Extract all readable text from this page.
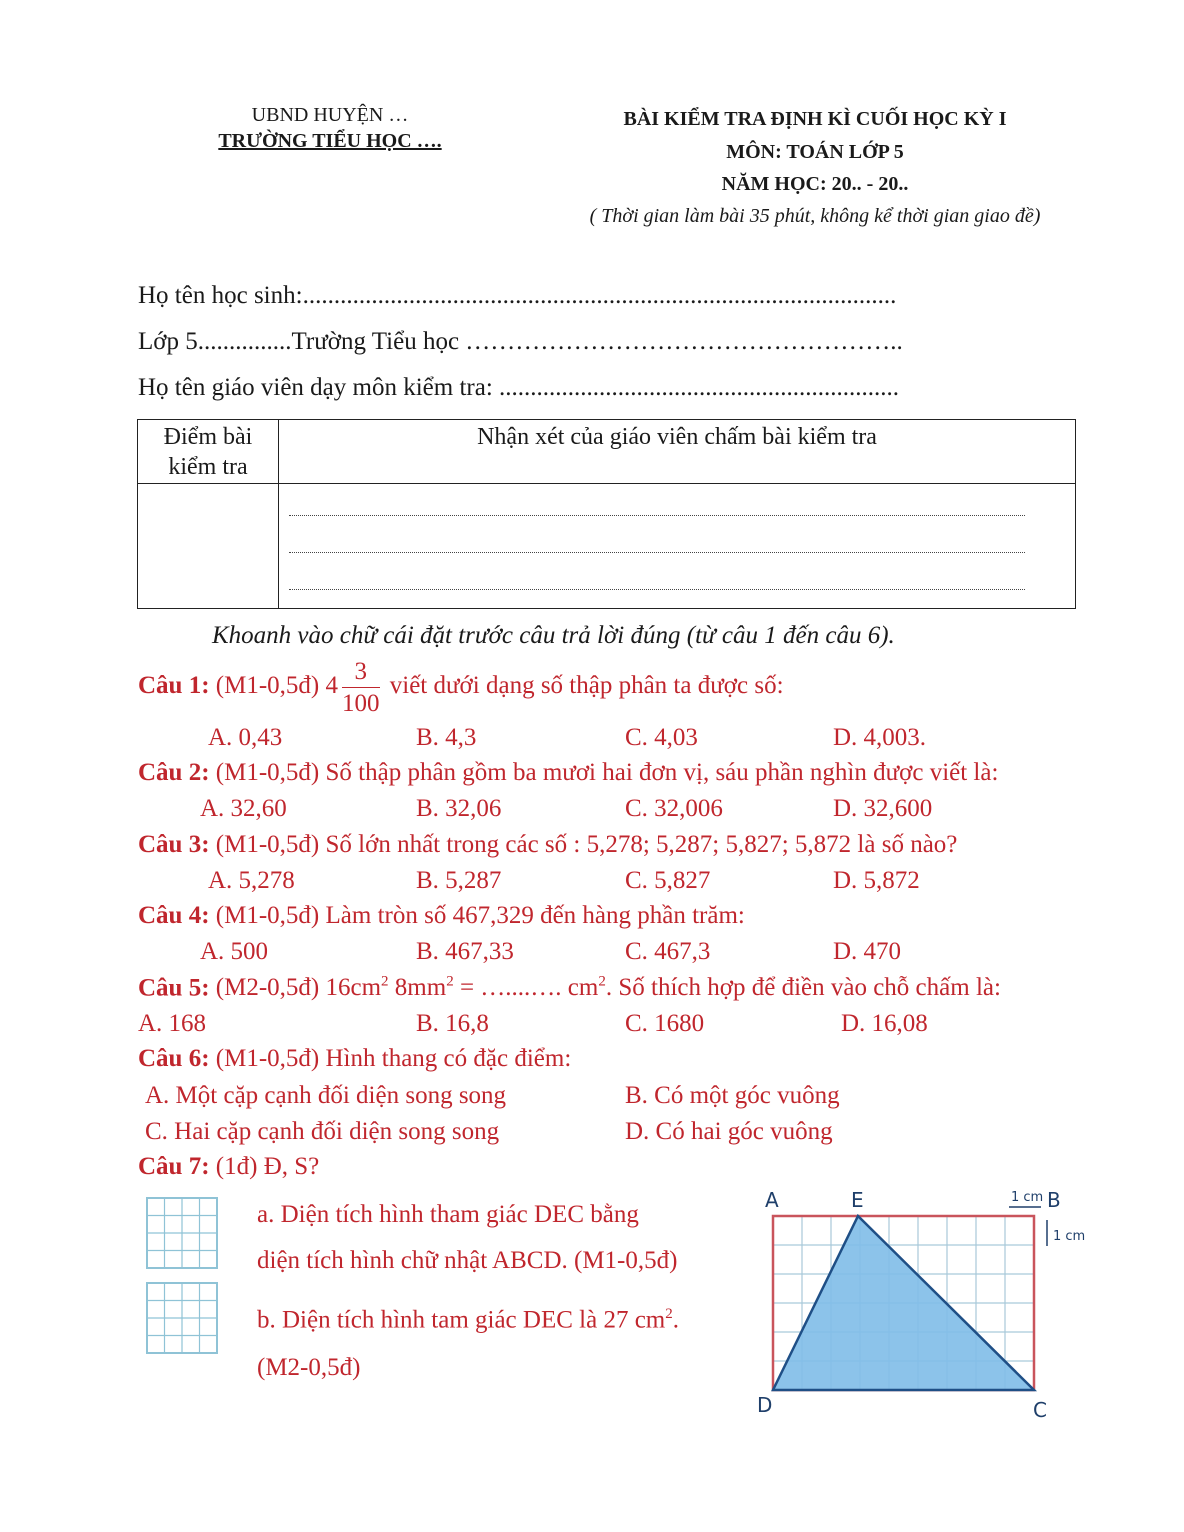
UBND HUYỆN …
TRƯỜNG TIỂU HỌC ….
BÀI KIỂM TRA ĐỊNH KÌ CUỐI HỌC KỲ I
MÔN: TOÁN LỚP 5
NĂM HỌC: 20.. - 20..
( Thời gian làm bài 35 phút, không kể thời gian giao đề)
Họ tên học sinh:...............................................................................................
Lớp 5...............Trường Tiểu học ……………………………………………..
Họ tên giáo viên dạy môn kiểm tra: ................................................................
Điểm bài kiểm tra	Nhận xét của giáo viên chấm bài kiểm tra

Khoanh vào chữ cái đặt trước câu trả lời đúng (từ câu 1 đến câu 6).
Câu 1: (M1-0,5đ) $4 \frac{3}{100}$ viết dưới dạng số thập phân ta được số:
A. 0,43	B. 4,3	C. 4,03	D. 4,003.
Câu 2: (M1-0,5đ) Số thập phân gồm ba mươi hai đơn vị, sáu phần nghìn được viết là:
A. 32,60	B. 32,06	C. 32,006	D. 32,600
Câu 3: (M1-0,5đ) Số lớn nhất trong các số : 5,278; 5,287; 5,827; 5,872 là số nào?
A. 5,278	B. 5,287	C. 5,827	D. 5,872
Câu 4: (M1-0,5đ) Làm tròn số 467,329 đến hàng phần trăm:
A. 500	B. 467,33	C. 467,3	D. 470
Câu 5: (M2-0,5đ) $16cm^2$ $8mm^2$ = …....…. $cm^2$. Số thích hợp để điền vào chỗ chấm là:
A. 168	B. 16,8	C. 1680	D. 16,08
Câu 6: (M1-0,5đ) Hình thang có đặc điểm:
A. Một cặp cạnh đối diện song song	B. Có một góc vuông
C. Hai cặp cạnh đối diện song song	D. Có hai góc vuông
Câu 7: (1đ) Đ, S?
a. Diện tích hình tham giác DEC bằng
diện tích hình chữ nhật ABCD. (M1-0,5đ)
b. Diện tích hình tam giác DEC là 27 $cm^2$.
(M2-0,5đ)
A	E	B
D	C
1 cm
1 cm
